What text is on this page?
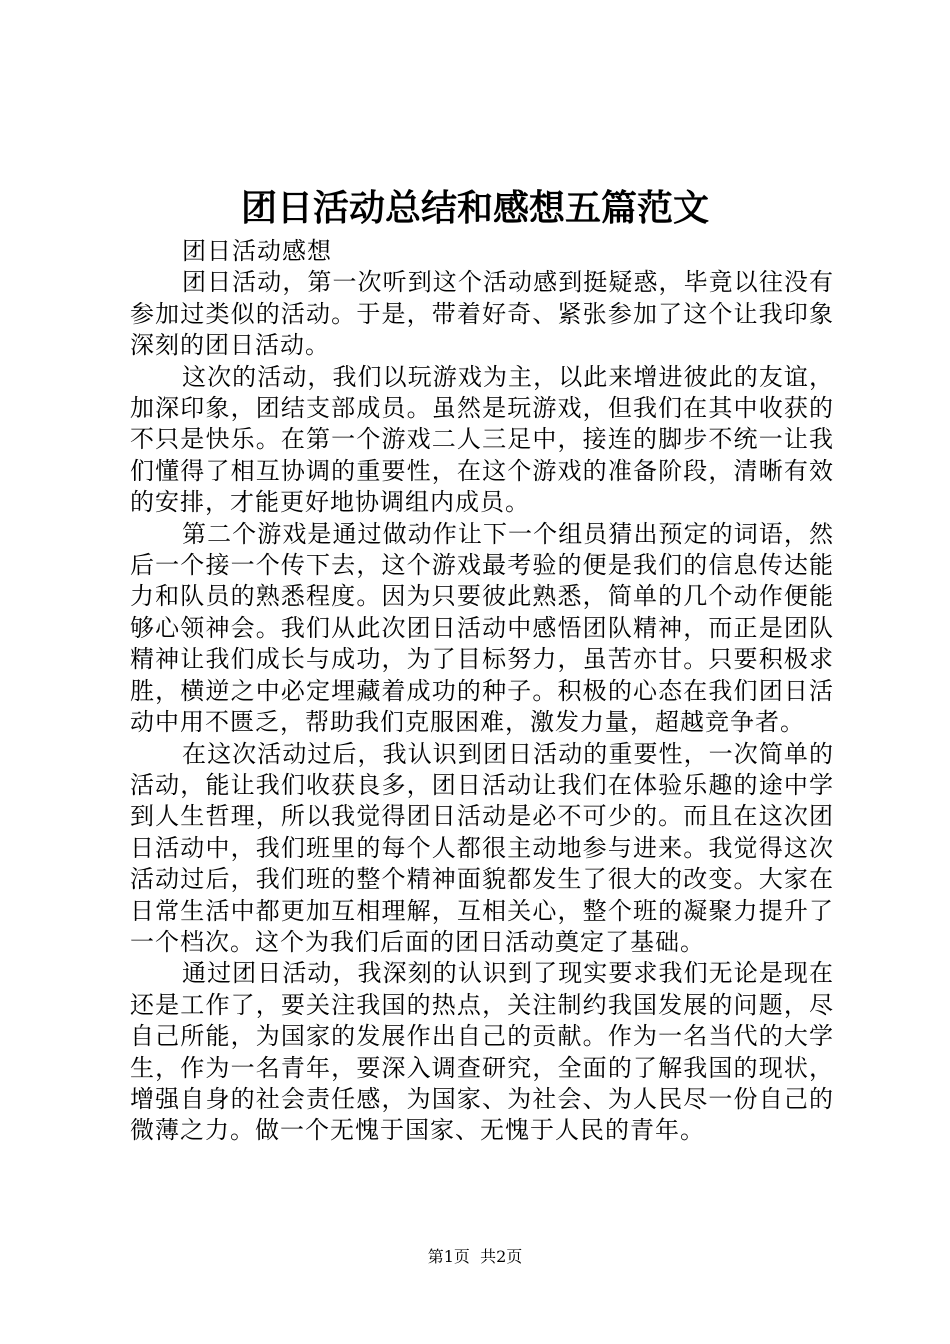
团日活动总结和感想五篇范文

团日活动感想

团日活动，第一次听到这个活动感到挺疑惑，毕竟以往没有参加过类似的活动。于是，带着好奇、紧张参加了这个让我印象深刻的团日活动。

这次的活动，我们以玩游戏为主，以此来增进彼此的友谊，加深印象，团结支部成员。虽然是玩游戏，但我们在其中收获的不只是快乐。在第一个游戏二人三足中，接连的脚步不统一让我们懂得了相互协调的重要性，在这个游戏的准备阶段，清晰有效的安排，才能更好地协调组内成员。

第二个游戏是通过做动作让下一个组员猜出预定的词语，然后一个接一个传下去，这个游戏最考验的便是我们的信息传达能力和队员的熟悉程度。因为只要彼此熟悉，简单的几个动作便能够心领神会。我们从此次团日活动中感悟团队精神，而正是团队精神让我们成长与成功，为了目标努力，虽苦亦甘。只要积极求胜，横逆之中必定埋藏着成功的种子。积极的心态在我们团日活动中用不匮乏，帮助我们克服困难，激发力量，超越竞争者。

在这次活动过后，我认识到团日活动的重要性，一次简单的活动，能让我们收获良多，团日活动让我们在体验乐趣的途中学到人生哲理，所以我觉得团日活动是必不可少的。而且在这次团日活动中，我们班里的每个人都很主动地参与进来。我觉得这次活动过后，我们班的整个精神面貌都发生了很大的改变。大家在日常生活中都更加互相理解，互相关心，整个班的凝聚力提升了一个档次。这个为我们后面的团日活动奠定了基础。

通过团日活动，我深刻的认识到了现实要求我们无论是现在还是工作了，要关注我国的热点，关注制约我国发展的问题，尽自己所能，为国家的发展作出自己的贡献。作为一名当代的大学生，作为一名青年，要深入调查研究，全面的了解我国的现状，增强自身的社会责任感，为国家、为社会、为人民尽一份自己的微薄之力。做一个无愧于国家、无愧于人民的青年。

第1页 共2页
